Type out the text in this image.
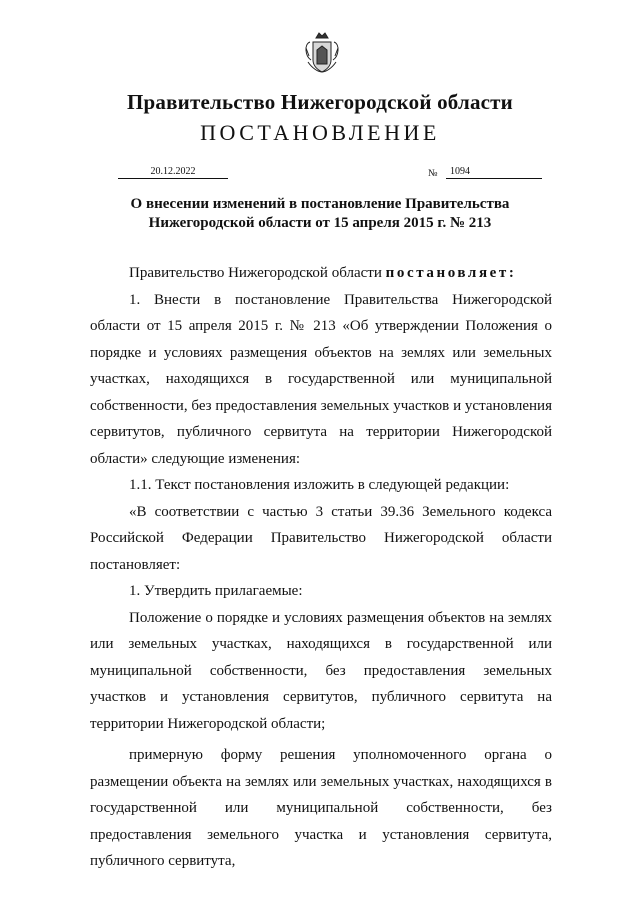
Правительство Нижегородской области
ПОСТАНОВЛЕНИЕ
20.12.2022	№	1094
О внесении изменений в постановление Правительства
Нижегородской области от 15 апреля 2015 г. № 213

Правительство Нижегородской области постановляет:

1. Внести в постановление Правительства Нижегородской области от 15 апреля 2015 г. № 213 «Об утверждении Положения о порядке и условиях размещения объектов на землях или земельных участках, находящихся в государственной или муниципальной собственности, без предоставления земельных участков и установления сервитутов, публичного сервитута на территории Нижегородской области» следующие изменения:

1.1. Текст постановления изложить в следующей редакции:

«В соответствии с частью 3 статьи 39.36 Земельного кодекса Российской Федерации Правительство Нижегородской области постановляет:

1. Утвердить прилагаемые:

Положение о порядке и условиях размещения объектов на землях или земельных участках, находящихся в государственной или муниципальной собственности, без предоставления земельных участков и установления сервитутов, публичного сервитута на территории Нижегородской области;

примерную форму решения уполномоченного органа о размещении объекта на землях или земельных участках, находящихся в государственной или муниципальной собственности, без предоставления земельного участка и установления сервитута, публичного сервитута,
